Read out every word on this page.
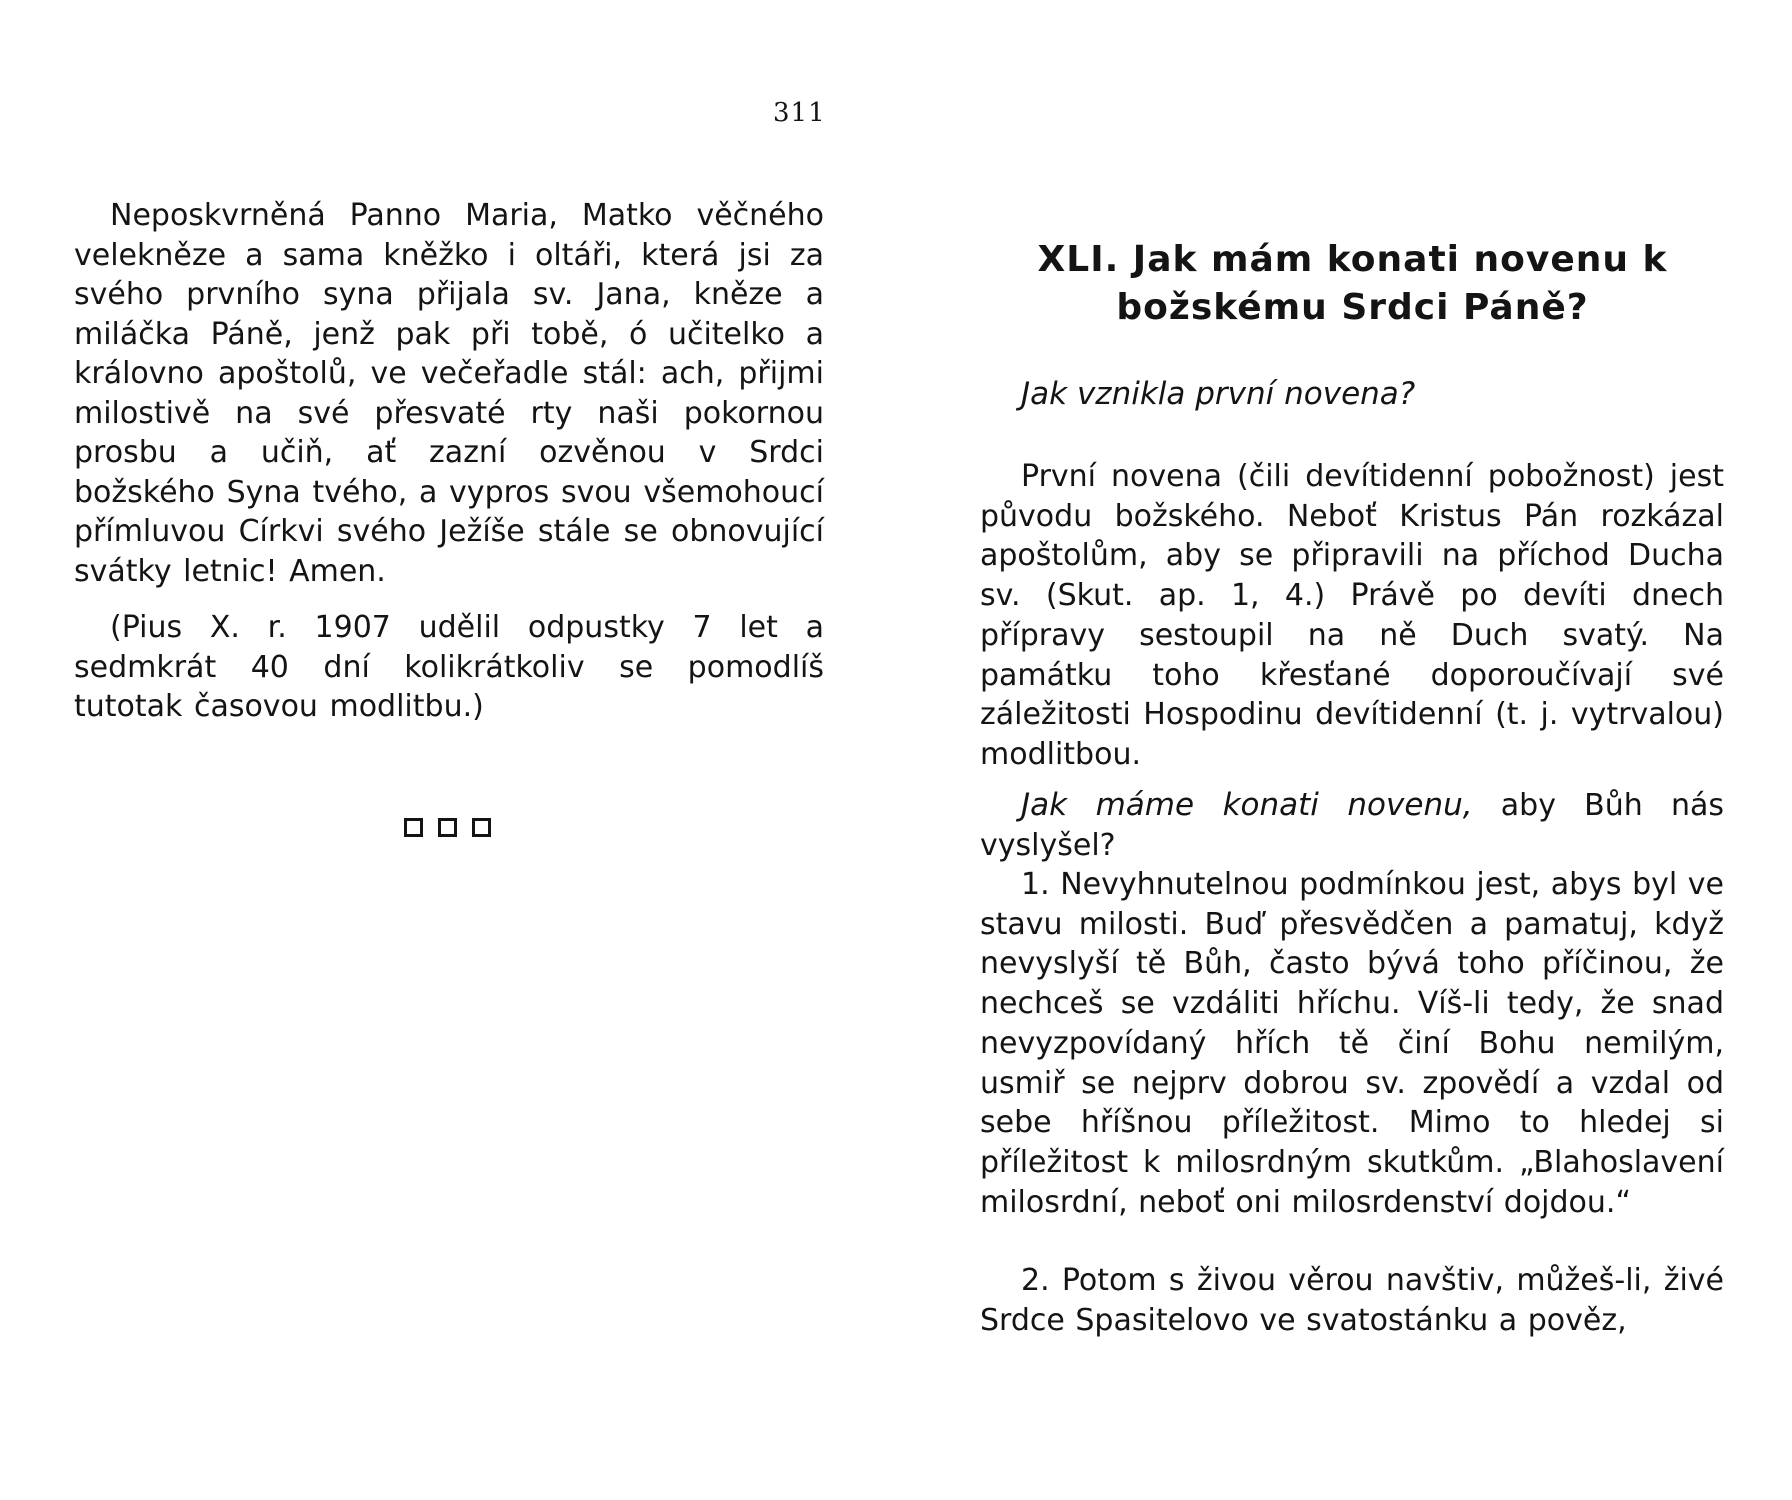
311

Neposkvrněná Panno Maria, Matko věčného velekněze a sama kněžko i oltáři, která jsi za svého prvního syna přijala sv. Jana, kněze a miláčka Páně, jenž pak při tobě, ó učitelko a královno apoštolů, ve večeřadle stál: ach, přijmi milostivě na své přesvaté rty naši pokornou prosbu a učiň, ať zazní ozvěnou v Srdci božského Syna tvého, a vypros svou všemohoucí přímluvou Církvi svého Ježíše stále se obnovující svátky letnic! Amen.

(Pius X. r. 1907 udělil odpustky 7 let a sedmkrát 40 dní kolikrátkoliv se pomodlíš tutotak časovou modlitbu.)

XLI. Jak mám konati novenu k božskému Srdci Páně?
Jak vznikla první novena?

První novena (čili devítidenní pobožnost) jest původu božského. Neboť Kristus Pán rozkázal apoštolům, aby se připravili na příchod Ducha sv. (Skut. ap. 1, 4.) Právě po devíti dnech přípravy sestoupil na ně Duch svatý. Na památku toho křesťané doporoučívají své záležitosti Hospodinu devítidenní (t. j. vytrvalou) modlitbou.

Jak máme konati novenu, aby Bůh nás vyslyšel?

1. Nevyhnutelnou podmínkou jest, abys byl ve stavu milosti. Buď přesvědčen a pamatuj, když nevyslyší tě Bůh, často bývá toho příčinou, že nechceš se vzdáliti hříchu. Víš-li tedy, že snad nevyzpovídaný hřích tě činí Bohu nemilým, usmiř se nejprv dobrou sv. zpovědí a vzdal od sebe hříšnou příležitost. Mimo to hledej si příležitost k milosrdným skutkům. „Blahoslavení milosrdní, neboť oni milosrdenství dojdou.“

2. Potom s živou věrou navštiv, můžeš-li, živé Srdce Spasitelovo ve svatostánku a pověz,
